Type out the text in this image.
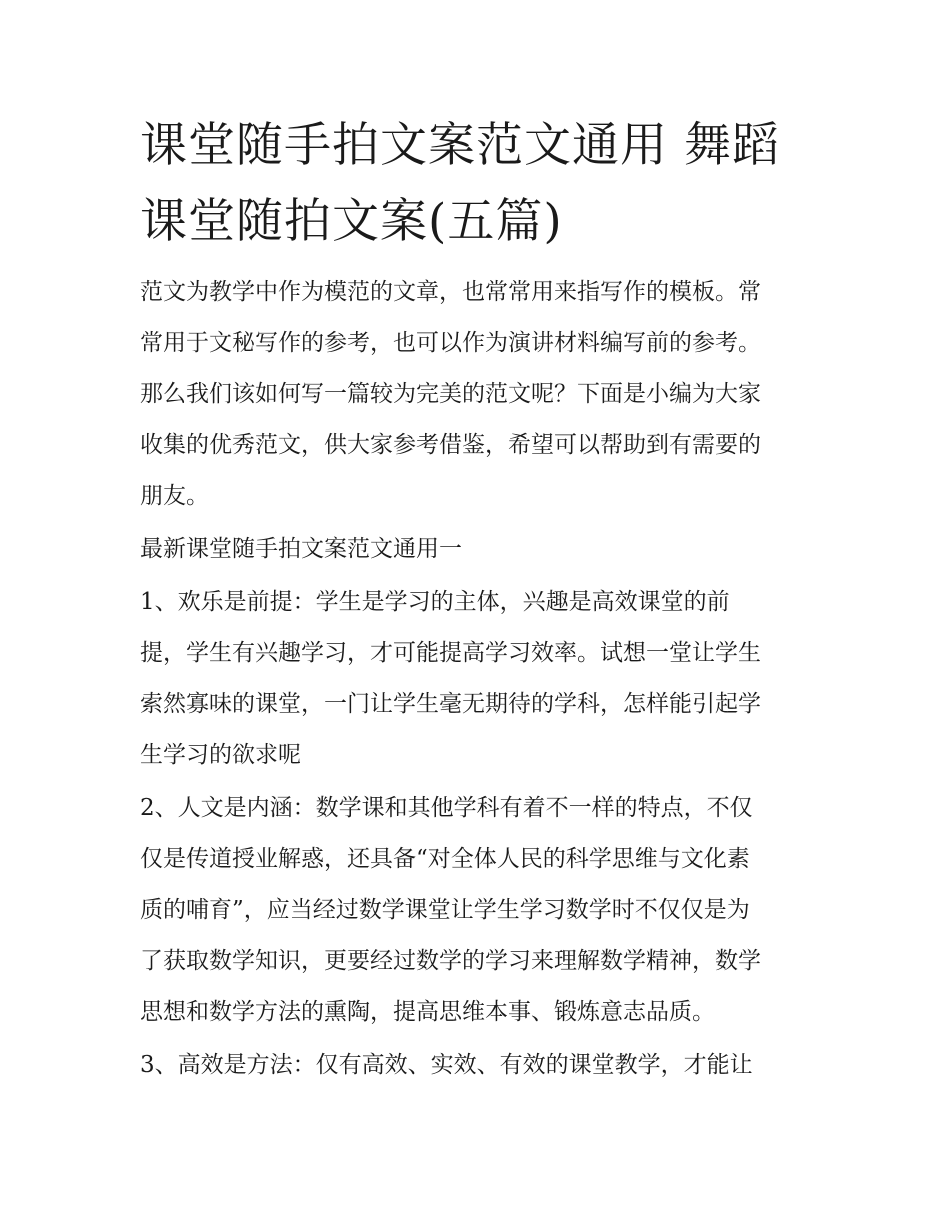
课堂随手拍文案范文通用 舞蹈
课堂随拍文案(五篇)

范文为教学中作为模范的文章，也常常用来指写作的模板。常
常用于文秘写作的参考，也可以作为演讲材料编写前的参考。
那么我们该如何写一篇较为完美的范文呢？下面是小编为大家
收集的优秀范文，供大家参考借鉴，希望可以帮助到有需要的
朋友。

最新课堂随手拍文案范文通用一

1、欢乐是前提：学生是学习的主体，兴趣是高效课堂的前
提，学生有兴趣学习，才可能提高学习效率。试想一堂让学生
索然寡味的课堂，一门让学生毫无期待的学科，怎样能引起学
生学习的欲求呢

2、人文是内涵：数学课和其他学科有着不一样的特点，不仅
仅是传道授业解惑，还具备“对全体人民的科学思维与文化素
质的哺育”，应当经过数学课堂让学生学习数学时不仅仅是为
了获取数学知识，更要经过数学的学习来理解数学精神，数学
思想和数学方法的熏陶，提高思维本事、锻炼意志品质。

3、高效是方法：仅有高效、实效、有效的课堂教学，才能让
